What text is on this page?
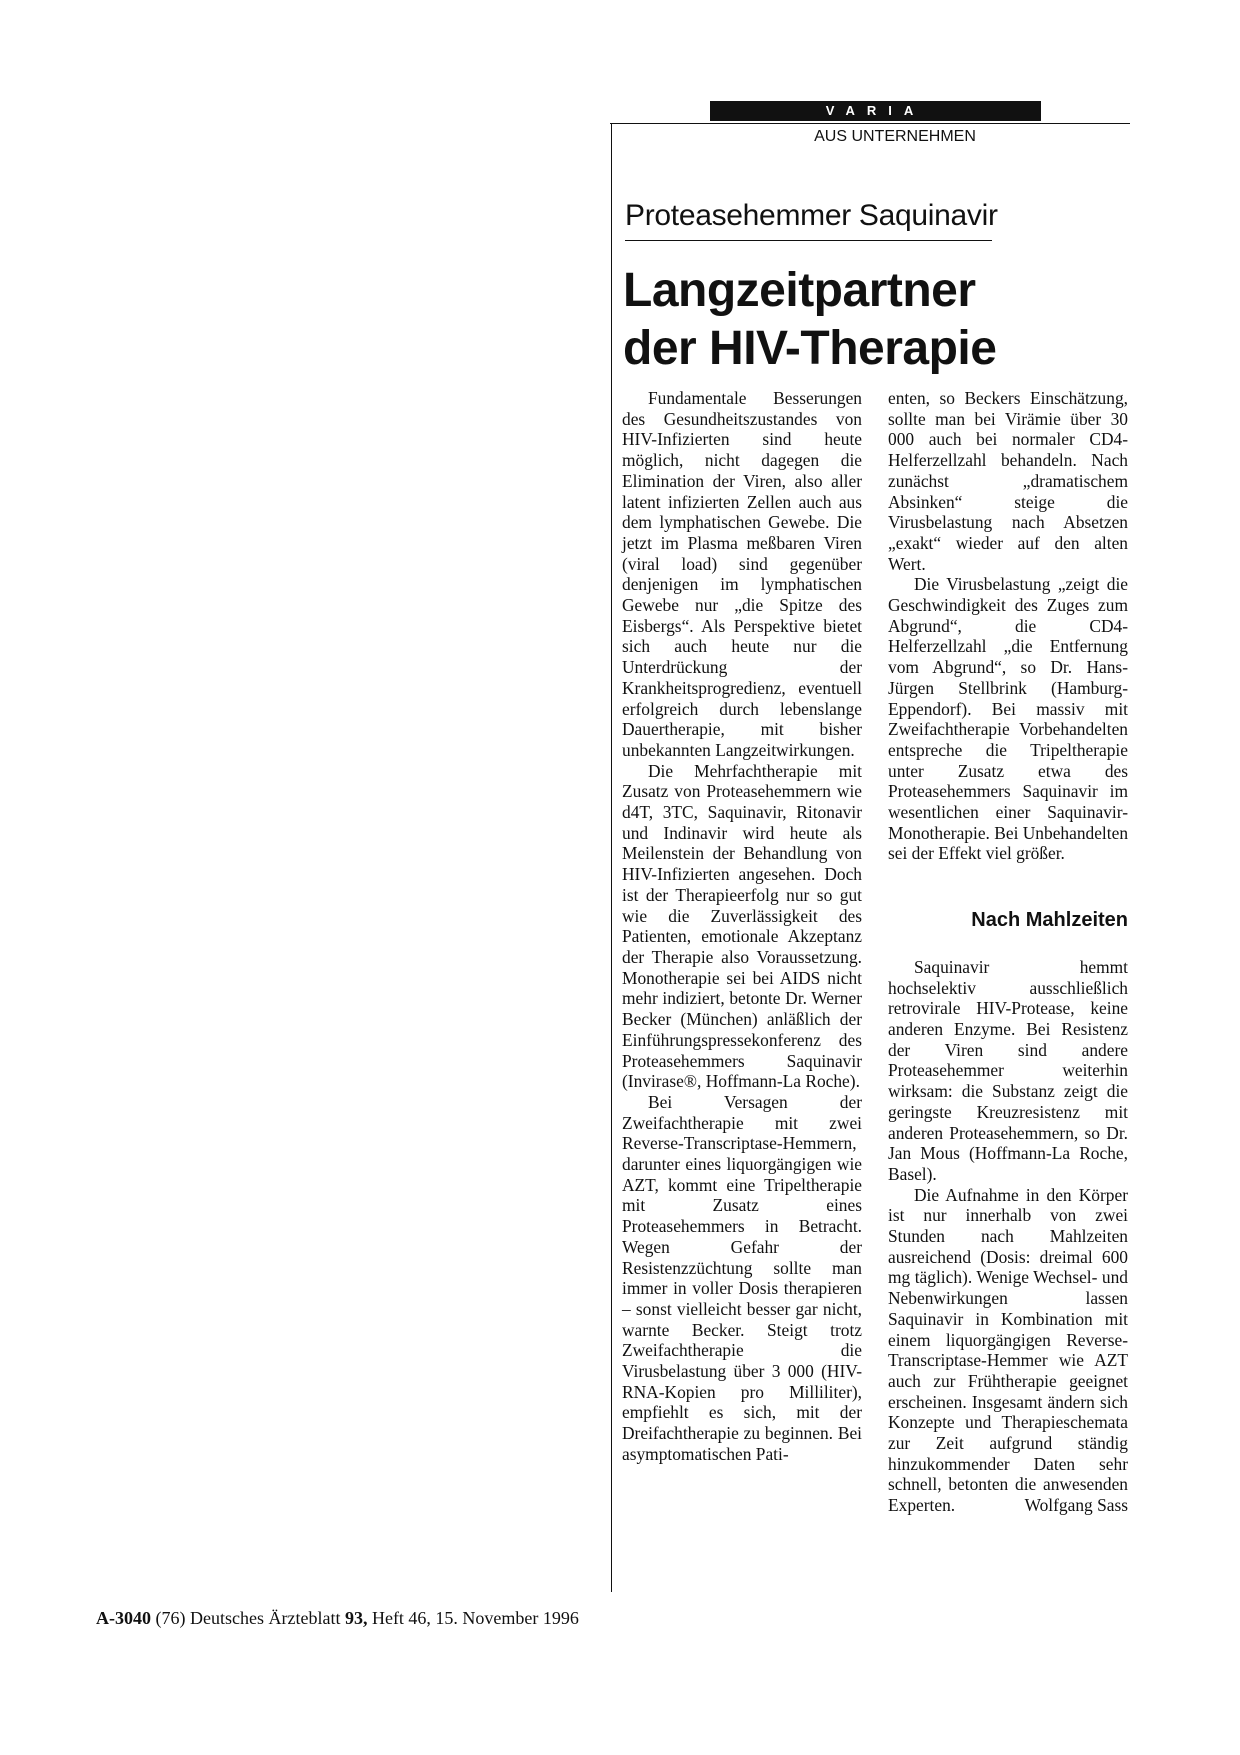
VARIA
AUS UNTERNEHMEN
Proteasehemmer Saquinavir
Langzeitpartner
der HIV-Therapie

Fundamentale Besserungen des Gesundheitszustandes von HIV-Infizierten sind heute möglich, nicht dagegen die Elimination der Viren, also aller latent infizierten Zellen auch aus dem lymphatischen Gewebe. Die jetzt im Plasma meßbaren Viren (viral load) sind gegenüber denjenigen im lymphatischen Gewebe nur „die Spitze des Eisbergs“. Als Perspektive bietet sich auch heute nur die Unterdrückung der Krankheitsprogredienz, eventuell erfolgreich durch lebenslange Dauertherapie, mit bisher unbekannten Langzeitwirkungen.

Die Mehrfachtherapie mit Zusatz von Proteasehemmern wie d4T, 3TC, Saquinavir, Ritonavir und Indinavir wird heute als Meilenstein der Behandlung von HIV-Infizierten angesehen. Doch ist der Therapieerfolg nur so gut wie die Zuverlässigkeit des Patienten, emotionale Akzeptanz der Therapie also Voraussetzung. Monotherapie sei bei AIDS nicht mehr indiziert, betonte Dr. Werner Becker (München) anläßlich der Einführungspressekonferenz des Proteasehemmers Saquinavir (Invirase®, Hoffmann-La Roche).

Bei Versagen der Zweifachtherapie mit zwei Reverse-Transcriptase-Hemmern, darunter eines liquorgängigen wie AZT, kommt eine Tripeltherapie mit Zusatz eines Proteasehemmers in Betracht. Wegen Gefahr der Resistenzzüchtung sollte man immer in voller Dosis therapieren – sonst vielleicht besser gar nicht, warnte Becker. Steigt trotz Zweifachtherapie die Virusbelastung über 3 000 (HIV-RNA-Kopien pro Milliliter), empfiehlt es sich, mit der Dreifachtherapie zu beginnen. Bei asymptomatischen Pati-

enten, so Beckers Einschätzung, sollte man bei Virämie über 30 000 auch bei normaler CD4-Helferzellzahl behandeln. Nach zunächst „dramatischem Absinken“ steige die Virusbelastung nach Absetzen „exakt“ wieder auf den alten Wert.

Die Virusbelastung „zeigt die Geschwindigkeit des Zuges zum Abgrund“, die CD4-Helferzellzahl „die Entfernung vom Abgrund“, so Dr. Hans-Jürgen Stellbrink (Hamburg-Eppendorf). Bei massiv mit Zweifachtherapie Vorbehandelten entspreche die Tripeltherapie unter Zusatz etwa des Proteasehemmers Saquinavir im wesentlichen einer Saquinavir-Monotherapie. Bei Unbehandelten sei der Effekt viel größer.

Nach Mahlzeiten

Saquinavir hemmt hochselektiv ausschließlich retrovirale HIV-Protease, keine anderen Enzyme. Bei Resistenz der Viren sind andere Proteasehemmer weiterhin wirksam: die Substanz zeigt die geringste Kreuzresistenz mit anderen Proteasehemmern, so Dr. Jan Mous (Hoffmann-La Roche, Basel).

Die Aufnahme in den Körper ist nur innerhalb von zwei Stunden nach Mahlzeiten ausreichend (Dosis: dreimal 600 mg täglich). Wenige Wechsel- und Nebenwirkungen lassen Saquinavir in Kombination mit einem liquorgängigen Reverse-Transcriptase-Hemmer wie AZT auch zur Frühtherapie geeignet erscheinen. Insgesamt ändern sich Konzepte und Therapieschemata zur Zeit aufgrund ständig hinzukommender Daten sehr schnell, betonten die anwesenden Experten.	Wolfgang Sass

A-3040 (76) Deutsches Ärzteblatt 93, Heft 46, 15. November 1996
